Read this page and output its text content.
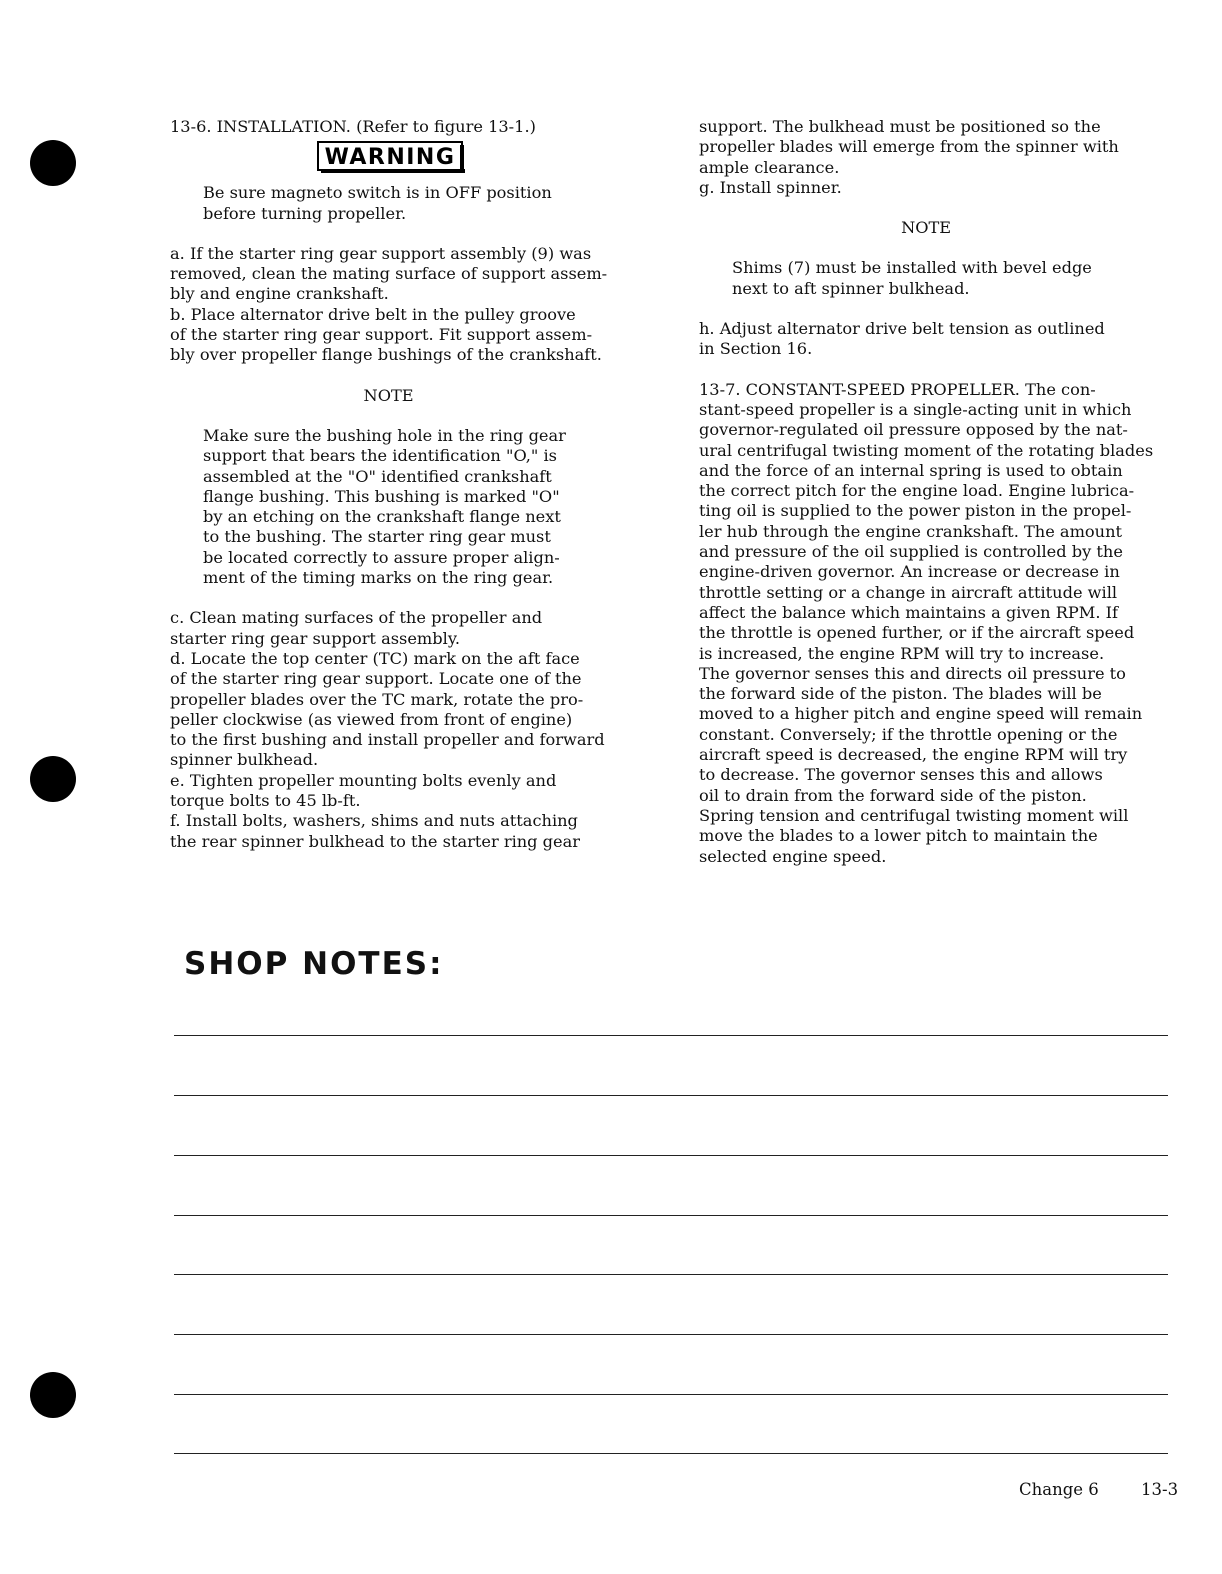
13-6. INSTALLATION. (Refer to figure 13-1.)

WARNING

Be sure magneto switch is in OFF position

before turning propeller.

a. If the starter ring gear support assembly (9) was

removed, clean the mating surface of support assem-

bly and engine crankshaft.

b. Place alternator drive belt in the pulley groove

of the starter ring gear support. Fit support assem-

bly over propeller flange bushings of the crankshaft.

NOTE

Make sure the bushing hole in the ring gear

support that bears the identification "O," is

assembled at the "O" identified crankshaft

flange bushing. This bushing is marked "O"

by an etching on the crankshaft flange next

to the bushing. The starter ring gear must

be located correctly to assure proper align-

ment of the timing marks on the ring gear.

c. Clean mating surfaces of the propeller and

starter ring gear support assembly.

d. Locate the top center (TC) mark on the aft face

of the starter ring gear support. Locate one of the

propeller blades over the TC mark, rotate the pro-

peller clockwise (as viewed from front of engine)

to the first bushing and install propeller and forward

spinner bulkhead.

e. Tighten propeller mounting bolts evenly and

torque bolts to 45 lb-ft.

f. Install bolts, washers, shims and nuts attaching

the rear spinner bulkhead to the starter ring gear

support. The bulkhead must be positioned so the

propeller blades will emerge from the spinner with

ample clearance.

g. Install spinner.

NOTE

Shims (7) must be installed with bevel edge

next to aft spinner bulkhead.

h. Adjust alternator drive belt tension as outlined

in Section 16.

13-7. CONSTANT-SPEED PROPELLER. The con-

stant-speed propeller is a single-acting unit in which

governor-regulated oil pressure opposed by the nat-

ural centrifugal twisting moment of the rotating blades

and the force of an internal spring is used to obtain

the correct pitch for the engine load. Engine lubrica-

ting oil is supplied to the power piston in the propel-

ler hub through the engine crankshaft. The amount

and pressure of the oil supplied is controlled by the

engine-driven governor. An increase or decrease in

throttle setting or a change in aircraft attitude will

affect the balance which maintains a given RPM. If

the throttle is opened further, or if the aircraft speed

is increased, the engine RPM will try to increase.

The governor senses this and directs oil pressure to

the forward side of the piston. The blades will be

moved to a higher pitch and engine speed will remain

constant. Conversely; if the throttle opening or the

aircraft speed is decreased, the engine RPM will try

to decrease. The governor senses this and allows

oil to drain from the forward side of the piston.

Spring tension and centrifugal twisting moment will

move the blades to a lower pitch to maintain the

selected engine speed.

SHOP NOTES:
Change 6	13-3
